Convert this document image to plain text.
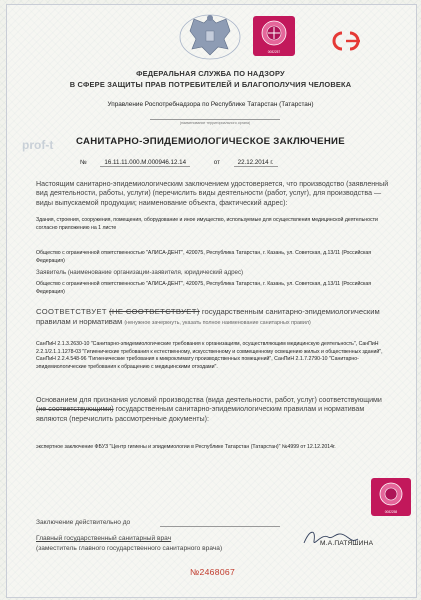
0082257
ФЕДЕРАЛЬНАЯ СЛУЖБА ПО НАДЗОРУ
В СФЕРЕ ЗАЩИТЫ ПРАВ ПОТРЕБИТЕЛЕЙ И БЛАГОПОЛУЧИЯ ЧЕЛОВЕКА
Управление Роспотребнадзора по Республике Татарстан (Татарстан)
(наименование территориального органа)
prof-t	САНИТАРНО-ЭПИДЕМИОЛОГИЧЕСКОЕ ЗАКЛЮЧЕНИЕ
№	16.11.11.000.М.000946.12.14	от	22.12.2014 г.
Настоящим санитарно-эпидемиологическим заключением удостоверяется, что производство (заявленный вид деятельности, работы, услуги) (перечислить виды деятельности (работ, услуг), для производства — виды выпускаемой продукции; наименование объекта, фактический адрес):
Здания, строения, сооружения, помещения, оборудование и иное имущество, используемые для осуществления медицинской деятельности согласно приложению на 1 листе
Общество с ограниченной ответственностью "АЛИСА-ДЕНТ", 420075, Республика Татарстан, г. Казань, ул. Советская, д.13/11 (Российская Федерация)
Заявитель (наименование организации-заявителя, юридический адрес)
Общество с ограниченной ответственностью "АЛИСА-ДЕНТ", 420075, Республика Татарстан, г. Казань, ул. Советская, д.13/11 (Российская Федерация)
СООТВЕТСТВУЕТ (НЕ СООТВЕТСТВУЕТ) государственным санитарно-эпидемиологическим правилам и нормативам (ненужное зачеркнуть, указать полное наименование санитарных правил)
СанПиН 2.1.3.2630-10 "Санитарно-эпидемиологические требования к организациям, осуществляющим медицинскую деятельность", СанПиН 2.2.1/2.1.1.1278-03 "Гигиенические требования к естественному, искусственному и совмещенному освещению жилых и общественных зданий", СанПиН 2.2.4.548-96 "Гигиенические требования к микроклимату производственных помещений", СанПиН 2.1.7.2790-10 "Санитарно-эпидемиологические требования к обращению с медицинскими отходами".
Основанием для признания условий производства (вида деятельности, работ, услуг) соответствующими (не соответствующими) государственным санитарно-эпидемиологическим правилам и нормативам являются (перечислить рассмотренные документы):
экспертное заключение ФБУЗ "Центр гигиены и эпидемиологии в Республике Татарстан (Татарстан)" №4999 от 12.12.2014г.
0082258
Заключение действительно до
Главный государственный санитарный врач
(заместитель главного государственного санитарного врача)
М.А.ПАТЯШИНА
№2468067
